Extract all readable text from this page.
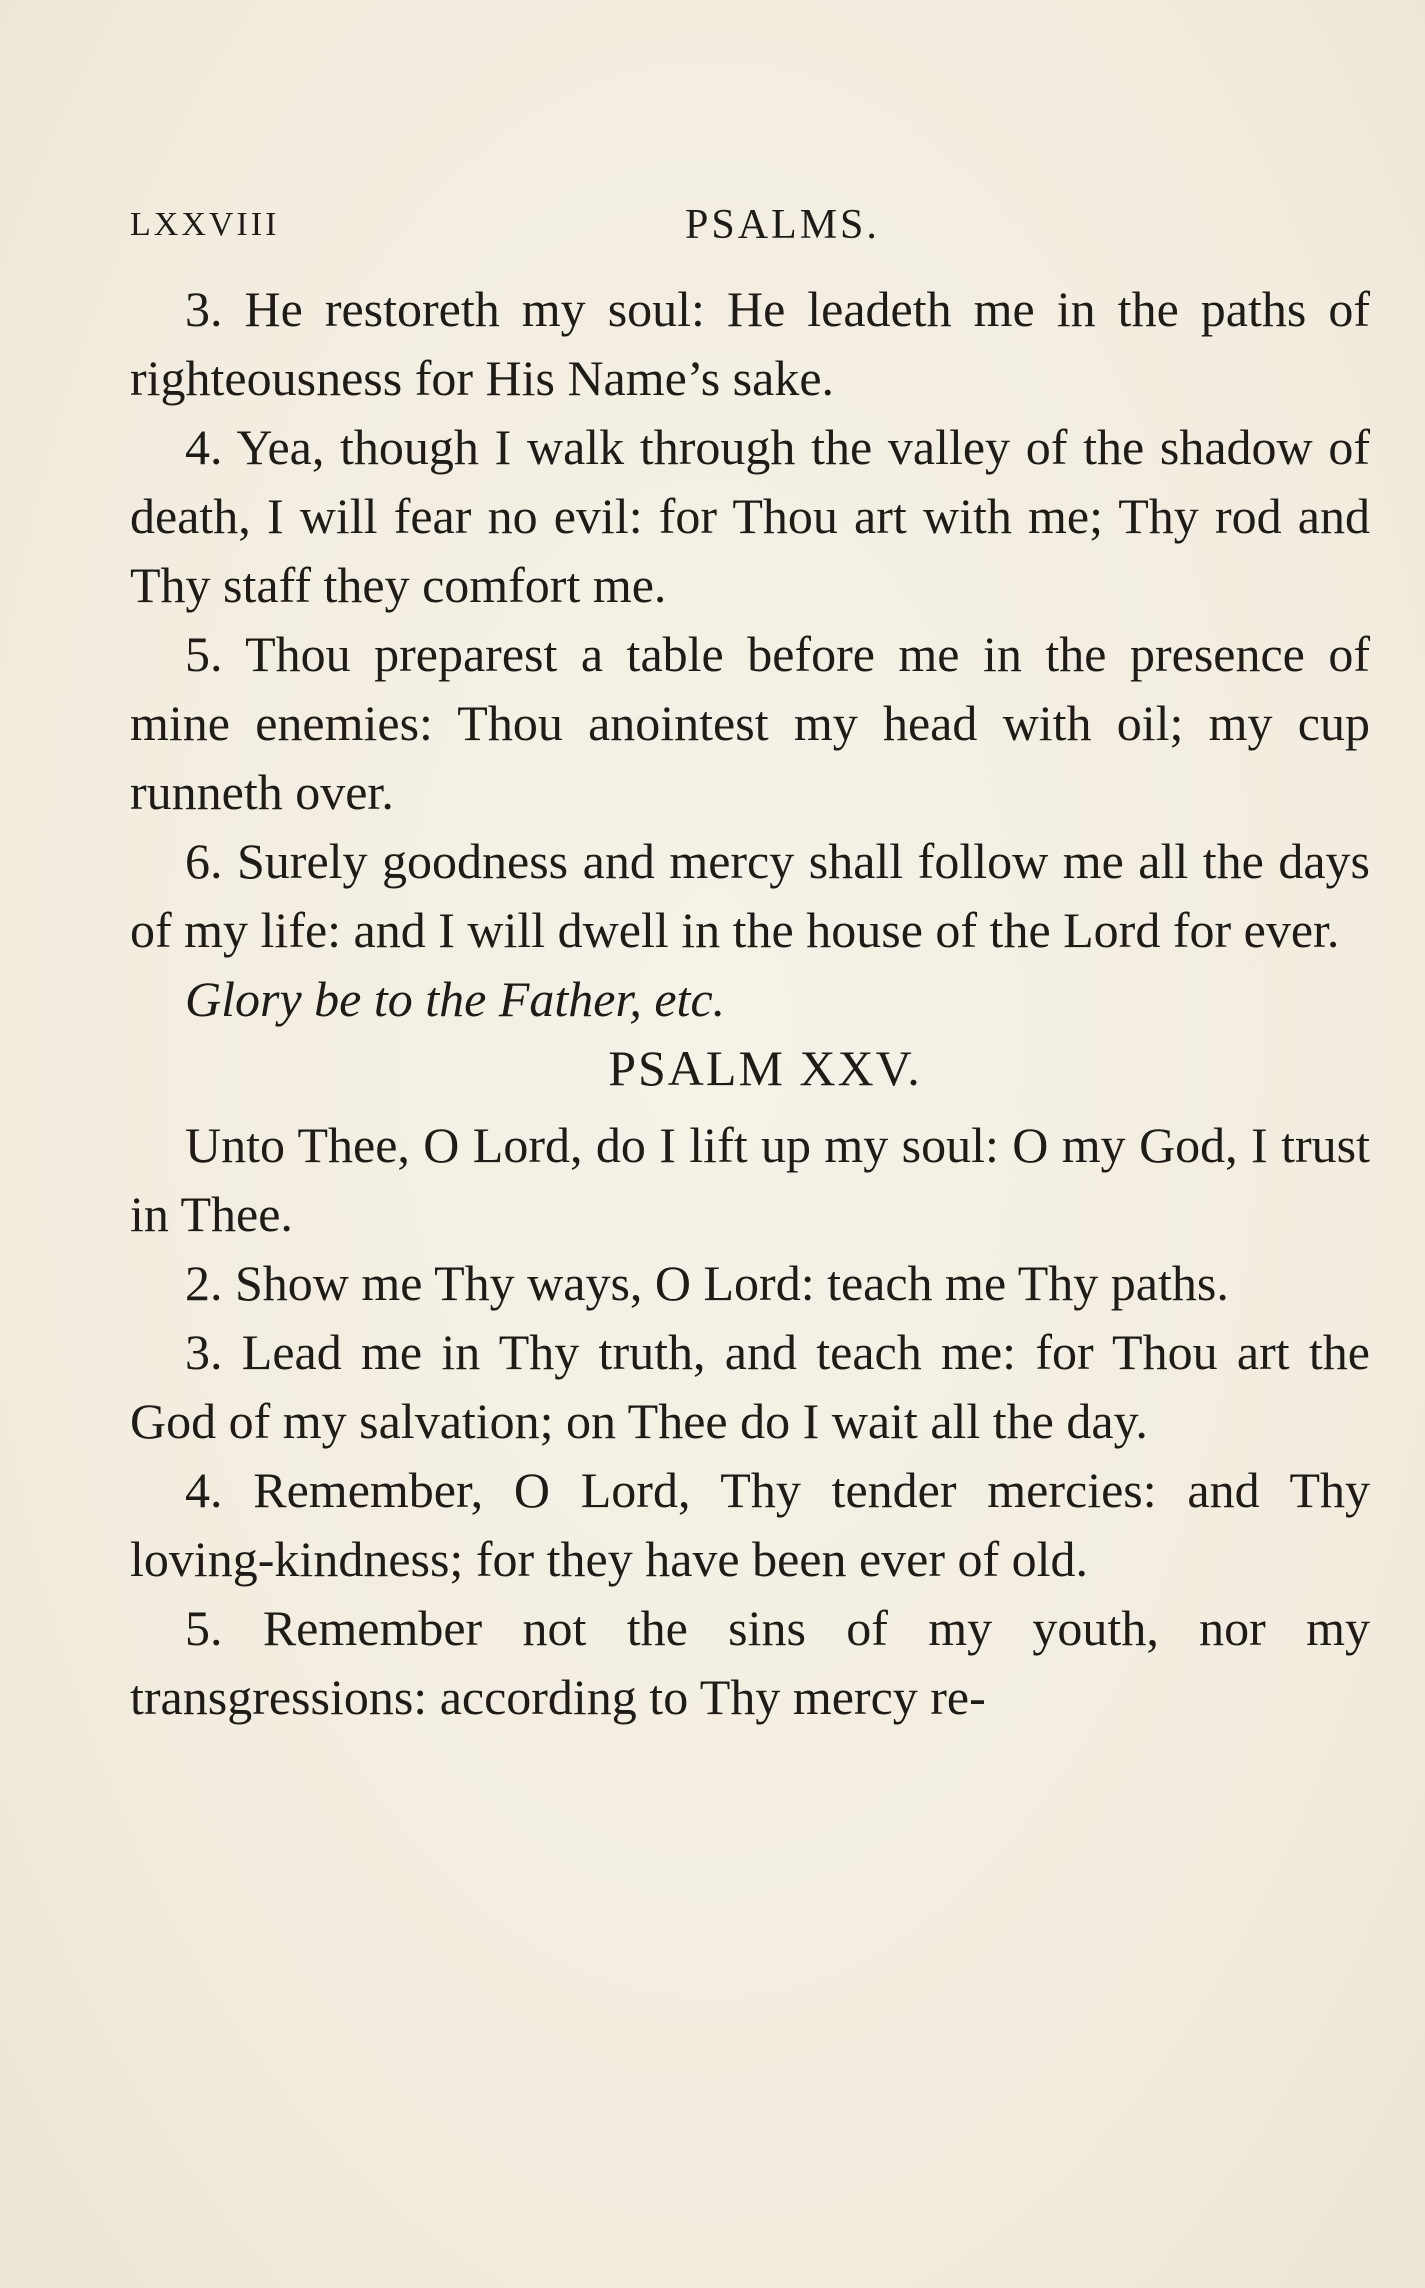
LXXVIII	PSALMS.

3. He restoreth my soul: He leadeth me in the paths of righteousness for His Name’s sake.

4. Yea, though I walk through the valley of the shadow of death, I will fear no evil: for Thou art with me; Thy rod and Thy staff they comfort me.

5. Thou preparest a table before me in the presence of mine enemies: Thou anointest my head with oil; my cup runneth over.

6. Surely goodness and mercy shall follow me all the days of my life: and I will dwell in the house of the Lord for ever.

Glory be to the Father, etc.

PSALM XXV.

Unto Thee, O Lord, do I lift up my soul: O my God, I trust in Thee.

2. Show me Thy ways, O Lord: teach me Thy paths.

3. Lead me in Thy truth, and teach me: for Thou art the God of my salvation; on Thee do I wait all the day.

4. Remember, O Lord, Thy tender mercies: and Thy loving-kindness; for they have been ever of old.

5. Remember not the sins of my youth, nor my transgressions: according to Thy mercy re-
